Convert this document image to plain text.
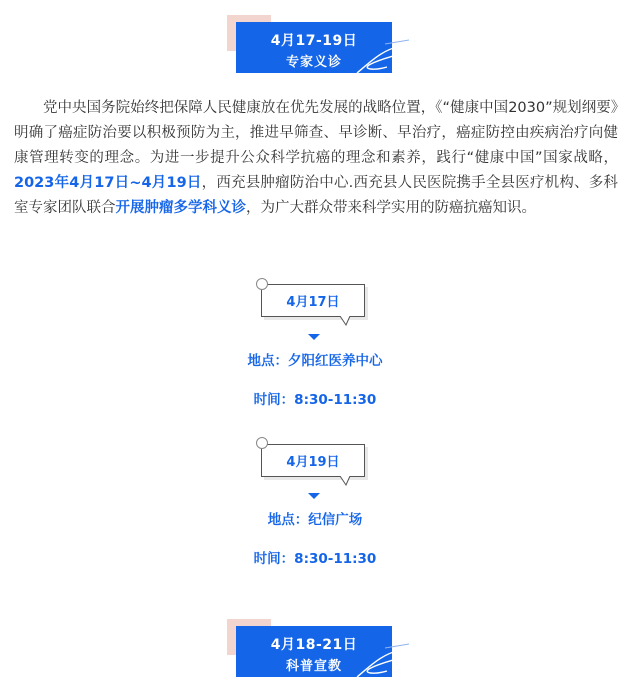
4月17-19日
专家义诊

党中央国务院始终把保障人民健康放在优先发展的战略位置，《“健康中国2030”规划纲要》明确了癌症防治要以积极预防为主，推进早筛查、早诊断、早治疗，癌症防控由疾病治疗向健康管理转变的理念。为进一步提升公众科学抗癌的理念和素养，践行“健康中国”国家战略，2023年4月17日~4月19日，西充县肿瘤防治中心.西充县人民医院携手全县医疗机构、多科室专家团队联合开展肿瘤多学科义诊，为广大群众带来科学实用的防癌抗癌知识。

4月17日
地点：夕阳红医养中心
时间：8:30-11:30
4月19日
地点：纪信广场
时间：8:30-11:30
4月18-21日
科普宣教
